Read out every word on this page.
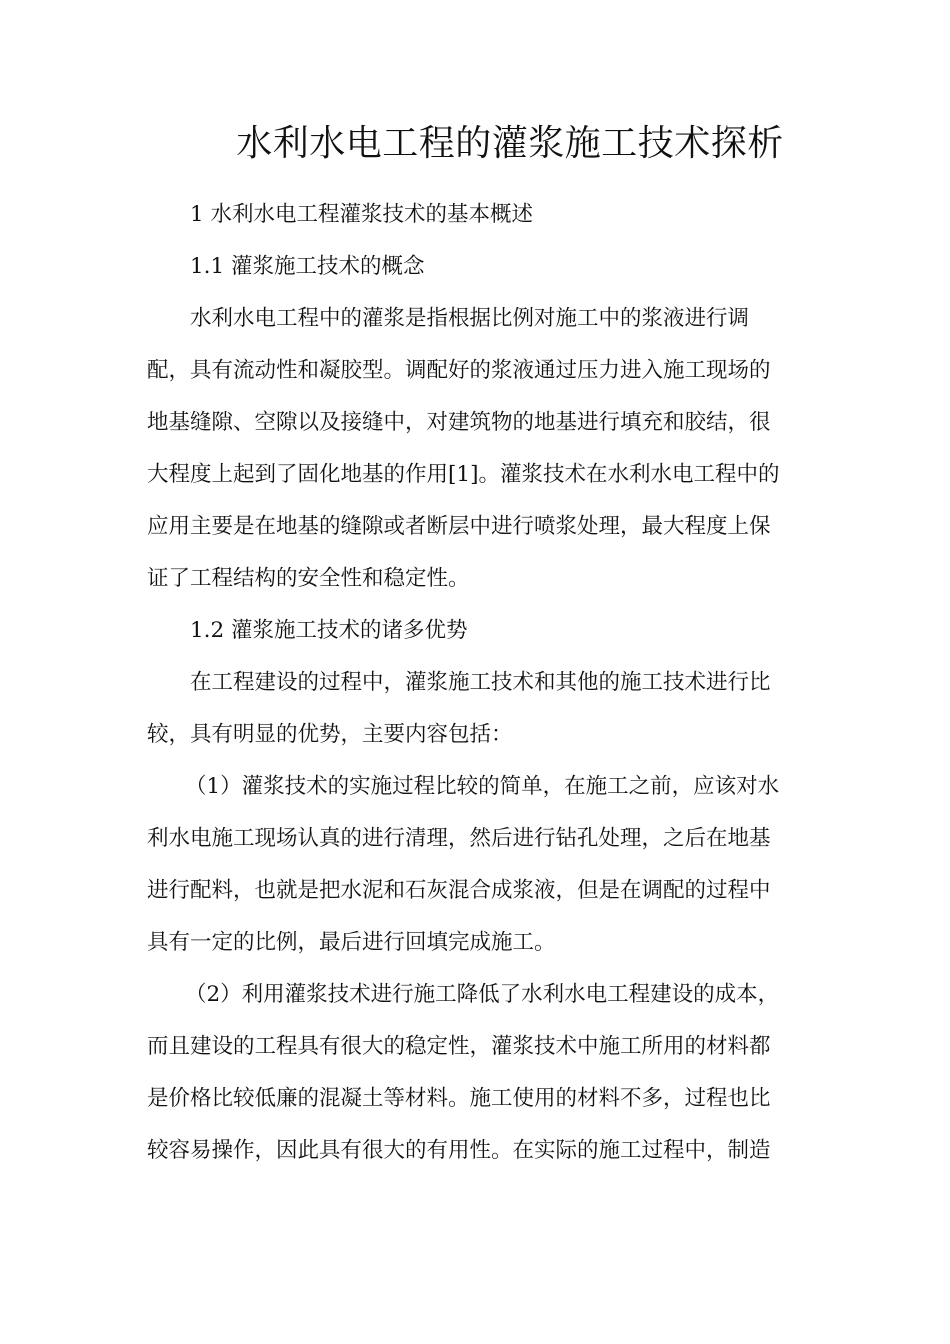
水利水电工程的灌浆施工技术探析
1 水利水电工程灌浆技术的基本概述
1.1 灌浆施工技术的概念
水利水电工程中的灌浆是指根据比例对施工中的浆液进行调
配，具有流动性和凝胶型。调配好的浆液通过压力进入施工现场的
地基缝隙、空隙以及接缝中，对建筑物的地基进行填充和胶结，很
大程度上起到了固化地基的作用[1]。灌浆技术在水利水电工程中的
应用主要是在地基的缝隙或者断层中进行喷浆处理，最大程度上保
证了工程结构的安全性和稳定性。
1.2 灌浆施工技术的诸多优势
在工程建设的过程中，灌浆施工技术和其他的施工技术进行比
较，具有明显的优势，主要内容包括：
（1）灌浆技术的实施过程比较的简单，在施工之前，应该对水
利水电施工现场认真的进行清理，然后进行钻孔处理，之后在地基
进行配料，也就是把水泥和石灰混合成浆液，但是在调配的过程中
具有一定的比例，最后进行回填完成施工。
（2）利用灌浆技术进行施工降低了水利水电工程建设的成本，
而且建设的工程具有很大的稳定性，灌浆技术中施工所用的材料都
是价格比较低廉的混凝土等材料。施工使用的材料不多，过程也比
较容易操作，因此具有很大的有用性。在实际的施工过程中，制造
